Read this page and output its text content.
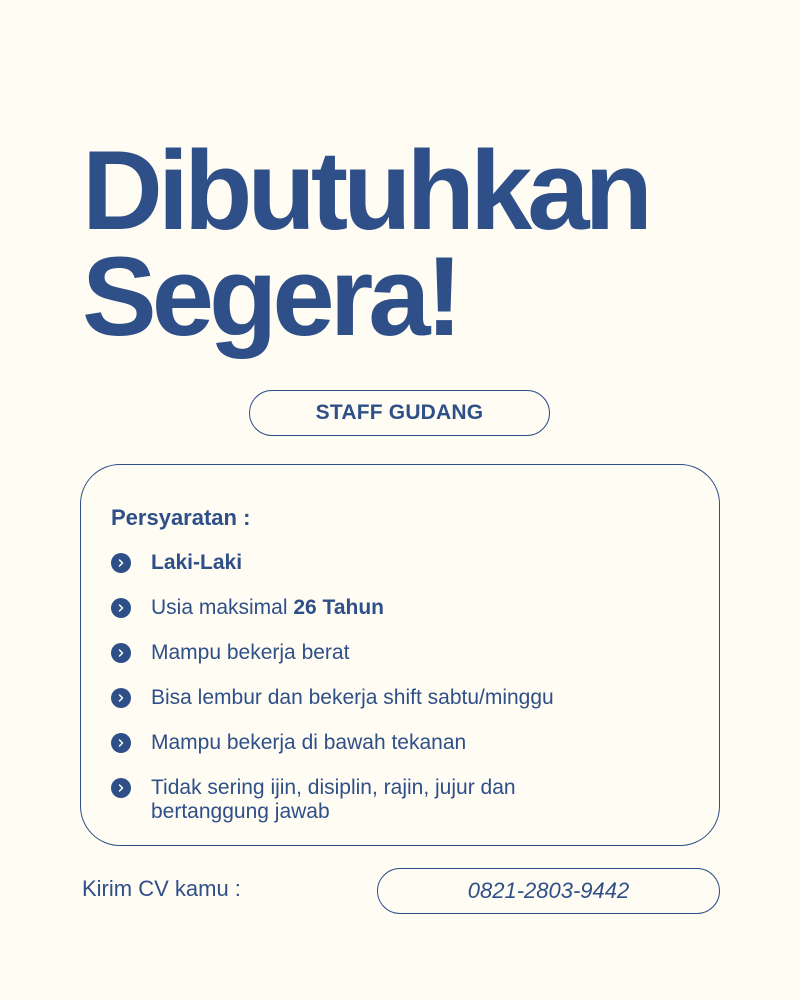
Dibutuhkan
Segera!
STAFF GUDANG
Persyaratan :
Laki-Laki
Usia maksimal 26 Tahun
Mampu bekerja berat
Bisa lembur dan bekerja shift sabtu/minggu
Mampu bekerja di bawah tekanan
Tidak sering ijin, disiplin, rajin, jujur dan bertanggung jawab
Kirim CV kamu :	0821-2803-9442
